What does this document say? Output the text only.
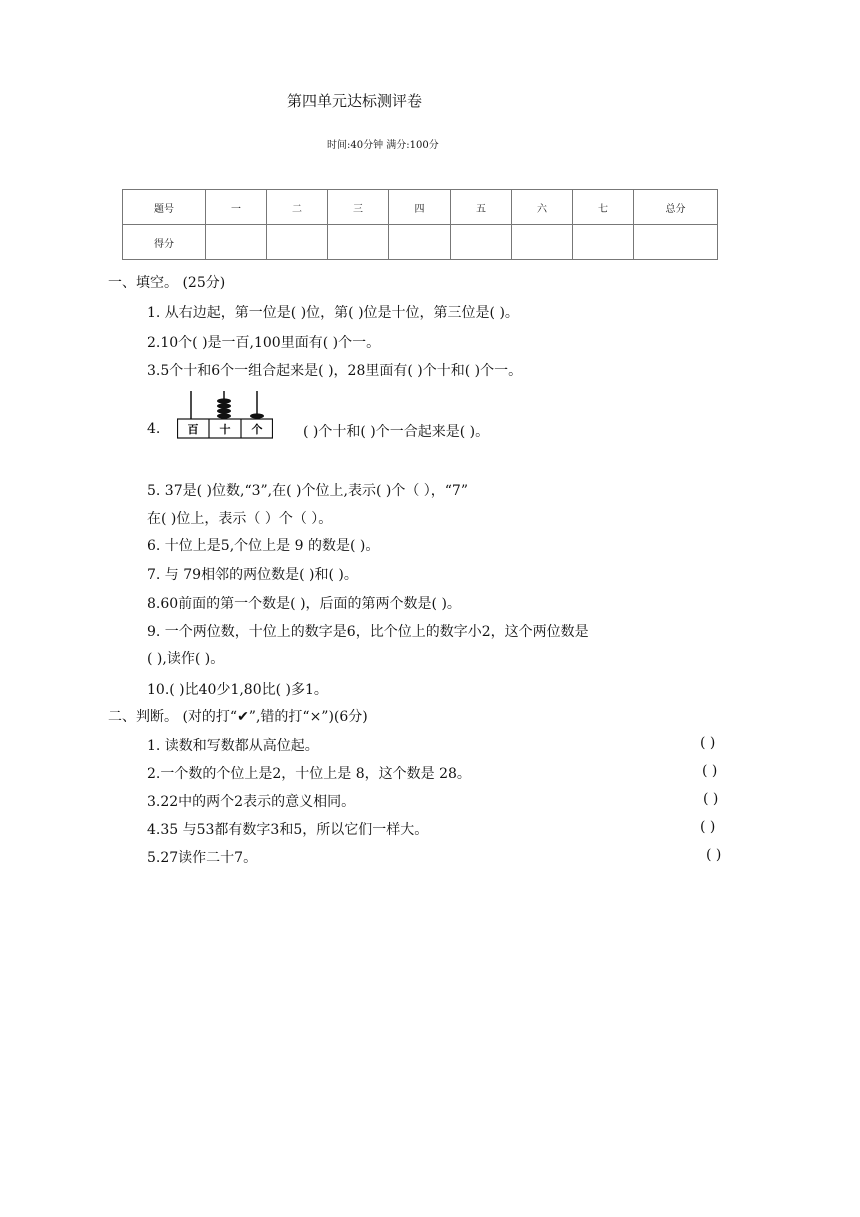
第四单元达标测评卷
时间:40分钟 满分:100分
题号	一	二	三	四	五	六	七	总分
得分								
一、填空。 (25分)
1. 从右边起，第一位是( )位，第( )位是十位，第三位是( )。
2.10个( )是一百,100里面有( )个一。
3.5个十和6个一组合起来是( )，28里面有( )个十和( )个一。
4. 百 十 个	( )个十和( )个一合起来是( )。
5. 37是( )位数,“3”,在( )个位上,表示( )个（ ），“7”
在( )位上，表示（ ）个（ ）。
6. 十位上是5,个位上是 9 的数是( )。
7. 与 79相邻的两位数是( )和( )。
8.60前面的第一个数是( )，后面的第两个数是( )。
9. 一个两位数，十位上的数字是6，比个位上的数字小2，这个两位数是
( ),读作( )。
10.( )比40少1,80比( )多1。
二、判断。 (对的打“✔”,错的打“×”)(6分)
1. 读数和写数都从高位起。	( )
2.一个数的个位上是2，十位上是 8，这个数是 28。	( )
3.22中的两个2表示的意义相同。	( )
4.35 与53都有数字3和5，所以它们一样大。	( )
5.27读作二十7。	( )
